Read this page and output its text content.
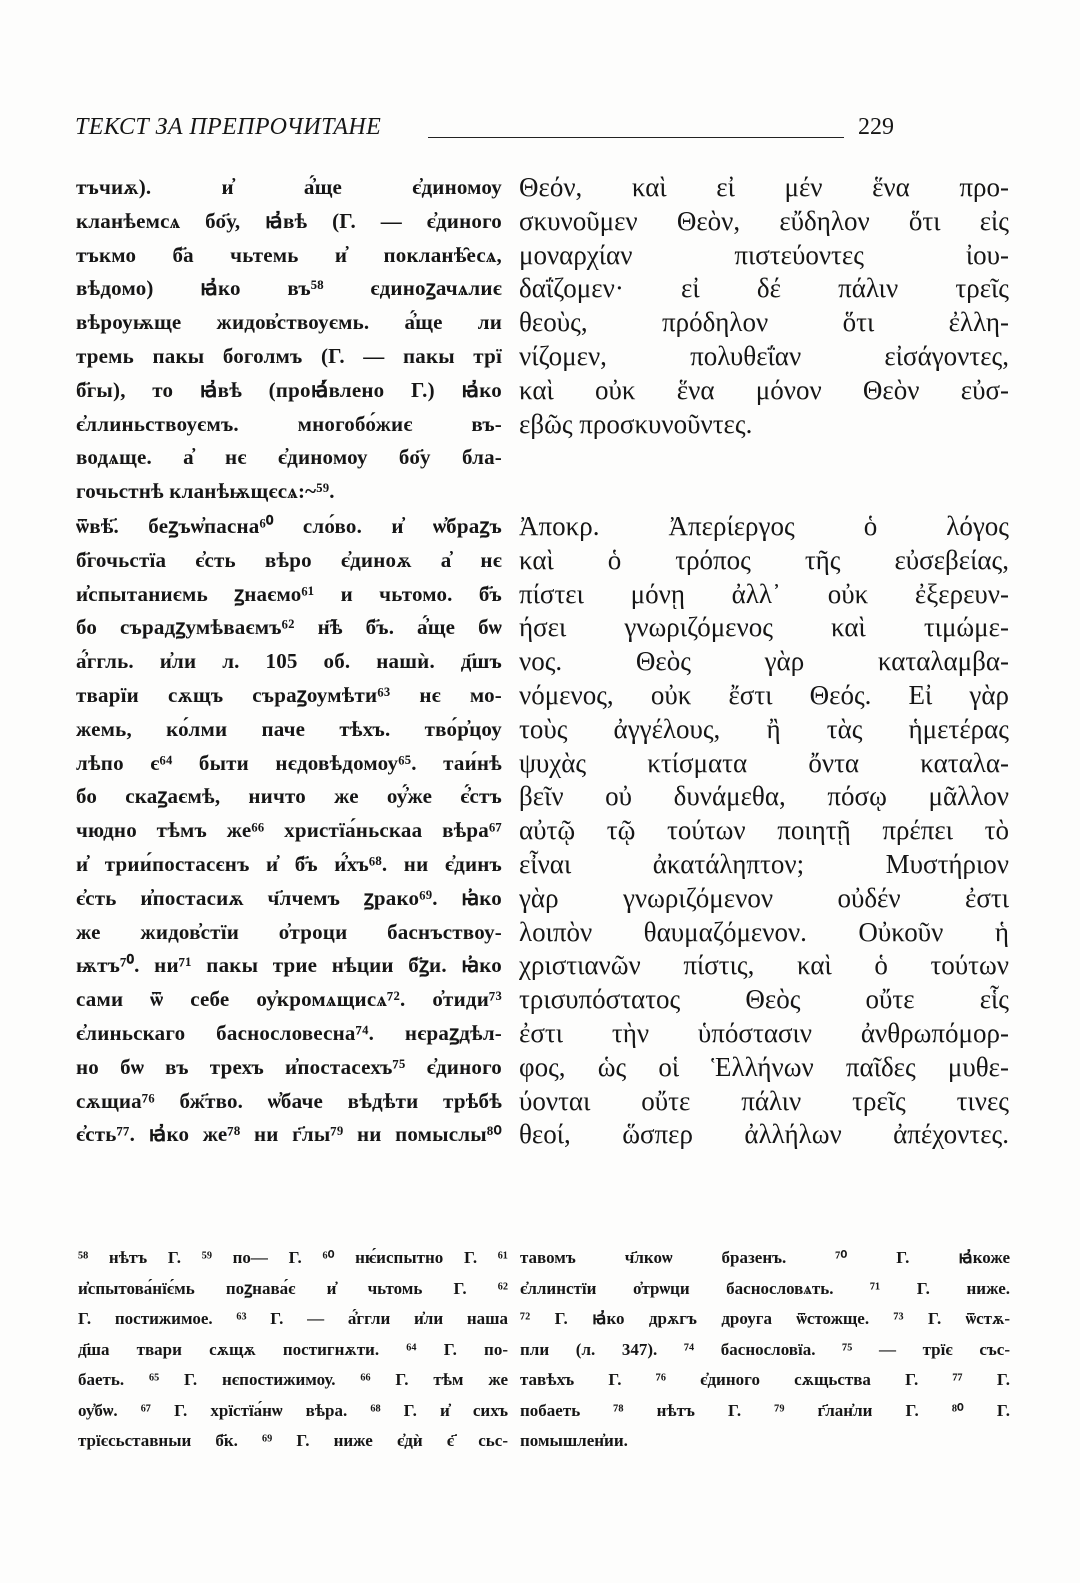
ТЕКСТ ЗА ПРЕПРОЧИТАНЕ	229
тъчиѫ). и҆ а҆́ще є҆диномоу
кланѣемсѧ бо҃у, ꙗ҆вѣ (Г. — є҆диного
тъкмо б҃а чьтемь и҆ покланѣ̑есѧ,
вѣдомо) ꙗ҆ко въ⁵⁸ єдиноꙁачѧлиє
вѣроуѭще жидов҆ствоуємь. а҆́ще ли
тремь пакы боголмъ (Г. — пакы трї
б҃гы), то ꙗ҆вѣ (проꙗ҆́влено Г.) ꙗ҆ко
є҆ллиньствоуємъ. многобо́жиє въ-
водѧще. а҆ нє є҆диномоу бо҃у бла-
гочьстнѣ кланѣѭщєсѧ:~⁵⁹.
ѿвѣ҃. беꙁъѡ҆пасна⁶⁰ сло́во. и҆ ѡ҆браꙁъ
б҃гочьстїа є҆сть вѣро є҆диноѫ а҆ нє
и҆спытаниємь ꙁнаємо⁶¹ и чьтомо. б҃ъ
бо сърадꙁумѣваємъ⁶² н҃ѣ б҃ъ. а҆́ще бѡ
а҆́ггль. и҆ли л. 105 об. нашѝ. д҃шъ
тварїи сѫщъ съраꙁоумѣти⁶³ нє мо-
жемь, ко́лми паче тѣхъ. тво́р҆цоу
лѣпо є⁶⁴ быти нєдовѣдомоу⁶⁵. таи́нѣ
бо скаꙁаємѣ, ничто же оу҆́же є҆́стъ
чюдно тѣмъ же⁶⁶ христїа́ньскаа вѣра⁶⁷
и҆ трии́постасєнъ и҆ б҃ъ и҆́хъ⁶⁸. ни є҆динъ
є҆сть и҆постасиѫ ч҃лчемъ ꙁрако⁶⁹. ꙗ҆ко
же жидов҆стїи о҆троци баснъствоу-
ѭтъ⁷⁰. ни⁷¹ пакы трие нѣции б҃ꙁи. ꙗ҆ко
сами ѿ себе оу҆кромѧщисѧ⁷². о҆тиди⁷³
є҆линьскаго баснословесна⁷⁴. нєраꙁдѣл-
но бѡ въ трехъ и҆постасехъ⁷⁵ є҆диного
сѫщиа⁷⁶ бж҃тво. ѡ҆баче вѣдѣти трѣбѣ
є҆сть⁷⁷. ꙗ҆ко же⁷⁸ ни г҃лы⁷⁹ ни помыслы⁸⁰
Θεόν, καὶ εἰ μέν ἕνα προ-
σκυνοῦμεν Θεὸν, εὔδηλον ὅτι εἰς
μοναρχίαν πιστεύοντες ἰου-
δαΐζομεν· εἰ δέ πάλιν τρεῖς
θεοὺς, πρόδηλον ὅτι ἐλλη-
νίζομεν, πολυθεΐαν εἰσάγοντες,
καὶ οὐκ ἕνα μόνον Θεὸν εὐσ-
εβῶς προσκυνοῦντες.
Ἀποκρ. Ἀπερίεργος ὁ λόγος
καὶ ὁ τρόπος τῆς εὐσεβείας,
πίστει μόνῃ ἀλλ᾽ οὐκ ἐξερευν-
ήσει γνωριζόμενος καὶ τιμώμε-
νος. Θεὸς γὰρ καταλαμβα-
νόμενος, οὐκ ἔστι Θεός. Εἰ γὰρ
τοὺς ἀγγέλους, ἢ τὰς ἡμετέρας
ψυχὰς κτίσματα ὄντα καταλα-
βεῖν οὐ δυνάμεθα, πόσῳ μᾶλλον
αὐτῷ τῷ τούτων ποιητῇ πρέπει τὸ
εἶναι ἀκατάληπτον; Μυστήριον
γὰρ γνωριζόμενον οὐδέν ἐστι
λοιπὸν θαυμαζόμενον. Οὐκοῦν ἡ
χριστιανῶν πίστις, καὶ ὁ τούτων
τρισυπόστατος Θεὸς οὔτε εἷς
ἐστι τὴν ὑπόστασιν ἀνθρωπόμορ-
φος, ὡς οἱ Ἑλλήνων παῖδες μυθε-
ύονται οὔτε πάλιν τρεῖς τινες
θεοί, ὥσπερ ἀλλήλων ἀπέχοντες.
⁵⁸ нѣтъ Г. ⁵⁹ по— Г. ⁶⁰ нѥ́испытно Г. ⁶¹
и҆спытова́нїє́мь поꙁнава́є и҆ чьтомь Г. ⁶²
Г. постижимое. ⁶³ Г. — а҆́ггли и҆ли наша
д҃ша твари сѫщѫ постигнѫти. ⁶⁴ Г. по-
баеть. ⁶⁵ Г. нєпостижимоу. ⁶⁶ Г. тѣм же
оу҆бѡ. ⁶⁷ Г. хрїстїа́нѡ вѣра. ⁶⁸ Г. и҆ сихъ
трїєсьставныи б҃к. ⁶⁹ Г. ниже є҆дѝ є҃ сьс-
тавомъ ч҃лкоѡ бразенъ. ⁷⁰ Г. ꙗ҆коже
є҆ллинстїи о҆трѡци баснословѧть. ⁷¹ Г. ниже.
⁷² Г. ꙗ҆ко дрѫгъ дроуга ѿстожще. ⁷³ Г. ѿстѫ-
пли (л. 347). ⁷⁴ баснословїа. ⁷⁵ — трїє със-
тавѣхъ Г. ⁷⁶ є҆диного сѫщьства Г. ⁷⁷ Г.
побаеть ⁷⁸ нѣтъ Г. ⁷⁹ г҃лан҆ли Г. ⁸⁰ Г.
помышлен҆ии.
